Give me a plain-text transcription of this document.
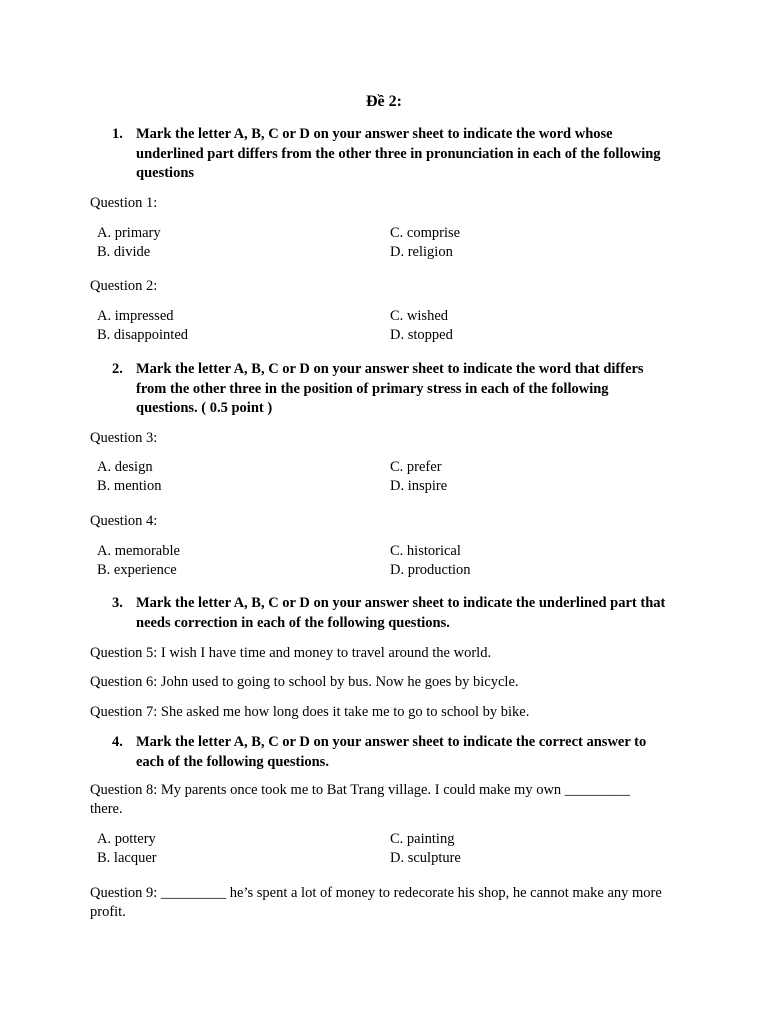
Đề 2:
1. Mark the letter A, B, C or D on your answer sheet to indicate the word whose underlined part differs from the other three in pronunciation in each of the following questions
Question 1:
A. primary
B. divide
C. comprise
D. religion
Question 2:
A. impressed
B. disappointed
C. wished
D. stopped
2. Mark the letter A, B, C or D on your answer sheet to indicate the word that differs from the other three in the position of primary stress in each of the following questions. ( 0.5 point )
Question 3:
A. design
B. mention
C. prefer
D. inspire
Question 4:
A. memorable
B. experience
C. historical
D. production
3. Mark the letter A, B, C or D on your answer sheet to indicate the underlined part that needs correction in each of the following questions.
Question 5: I wish I have time and money to travel around the world.
Question 6: John used to going to school by bus. Now he goes by bicycle.
Question 7: She asked me how long does it take me to go to school by bike.
4. Mark the letter A, B, C or D on your answer sheet to indicate the correct answer to each of the following questions.
Question 8: My parents once took me to Bat Trang village. I could make my own _________ there.
A. pottery
B. lacquer
C. painting
D. sculpture
Question 9: _________ he’s spent a lot of money to redecorate his shop, he cannot make any more profit.
